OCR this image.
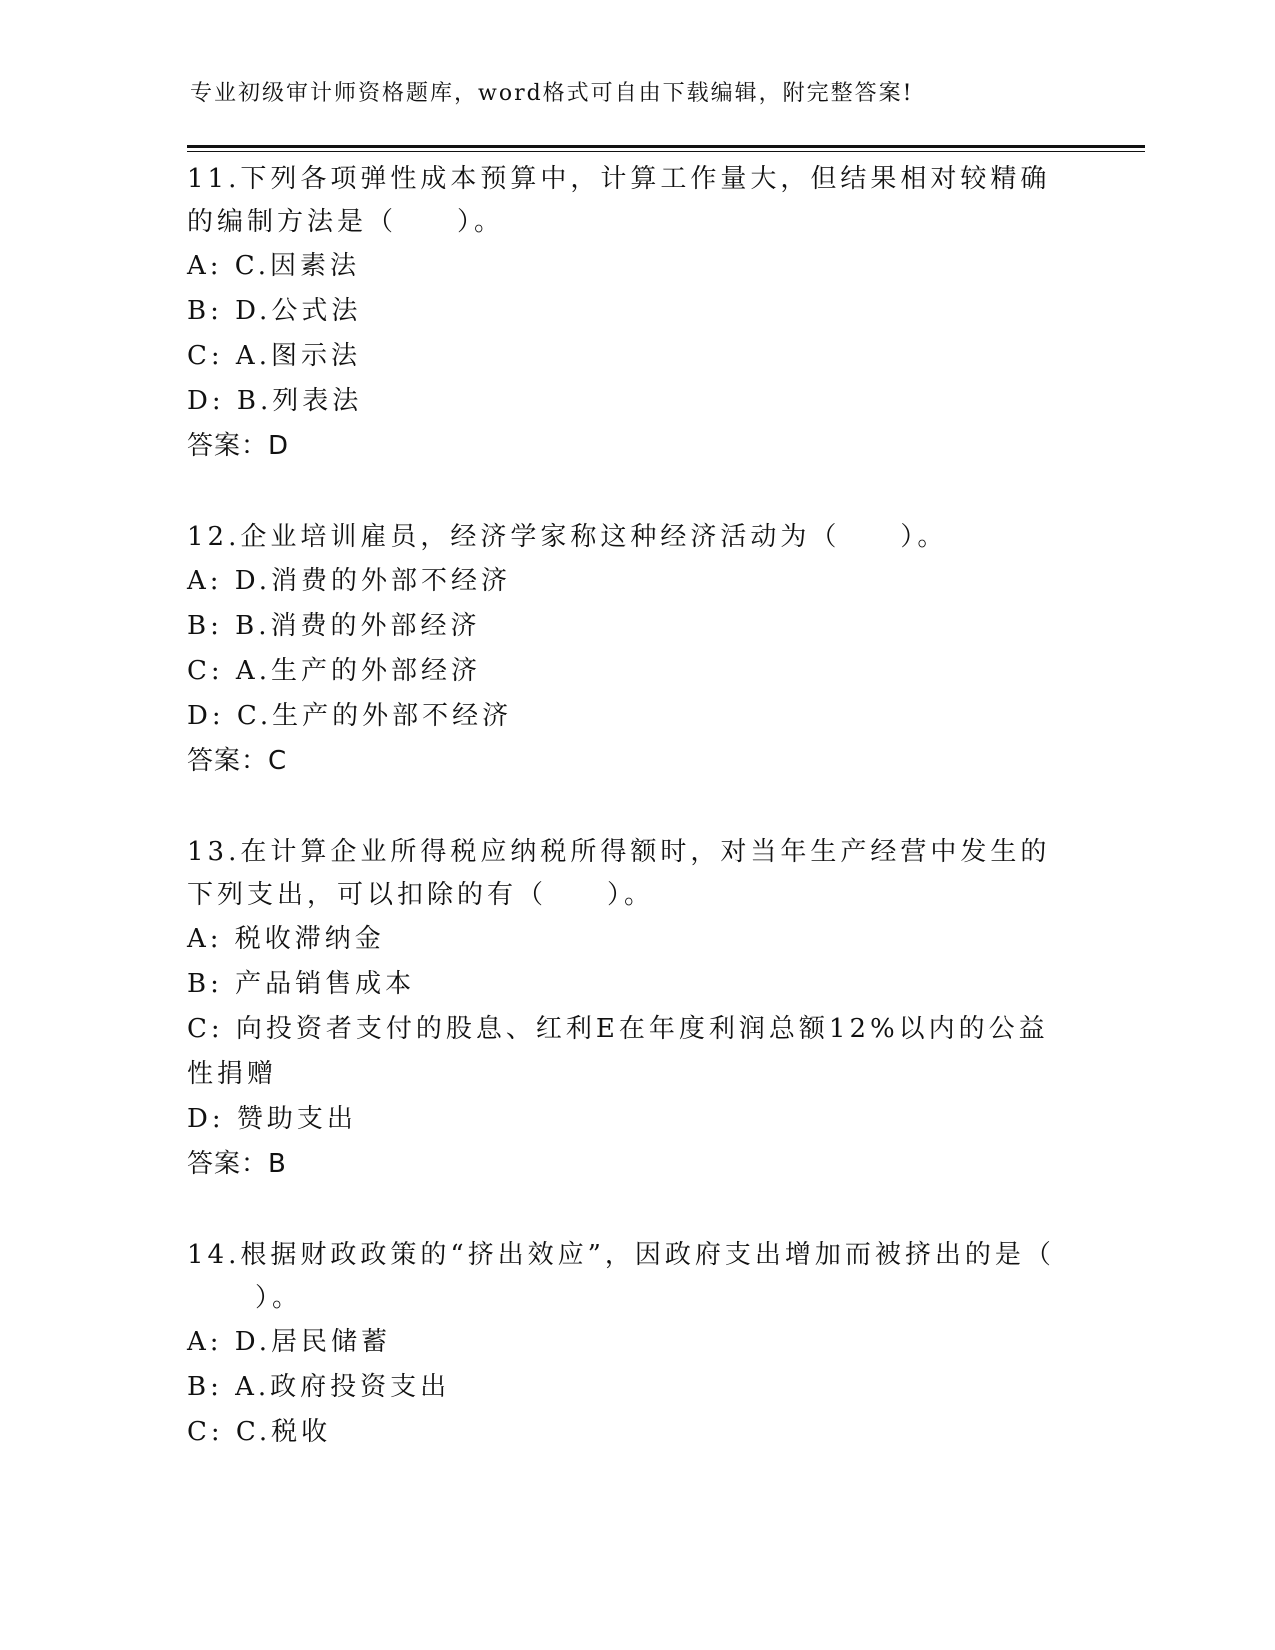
专业初级审计师资格题库，word格式可自由下载编辑，附完整答案!

11.下列各项弹性成本预算中，计算工作量大，但结果相对较精确的编制方法是（　　）。

A: C.因素法
B: D.公式法
C: A.图示法
D: B.列表法
答案：D

12.企业培训雇员，经济学家称这种经济活动为（　　）。

A: D.消费的外部不经济
B: B.消费的外部经济
C: A.生产的外部经济
D: C.生产的外部不经济
答案：C

13.在计算企业所得税应纳税所得额时，对当年生产经营中发生的下列支出，可以扣除的有（　　）。

A: 税收滞纳金
B: 产品销售成本
C: 向投资者支付的股息、红利E在年度利润总额12%以内的公益性捐赠
D: 赞助支出
答案：B

14.根据财政政策的“挤出效应”，因政府支出增加而被挤出的是（

）。

A: D.居民储蓄
B: A.政府投资支出
C: C.税收
